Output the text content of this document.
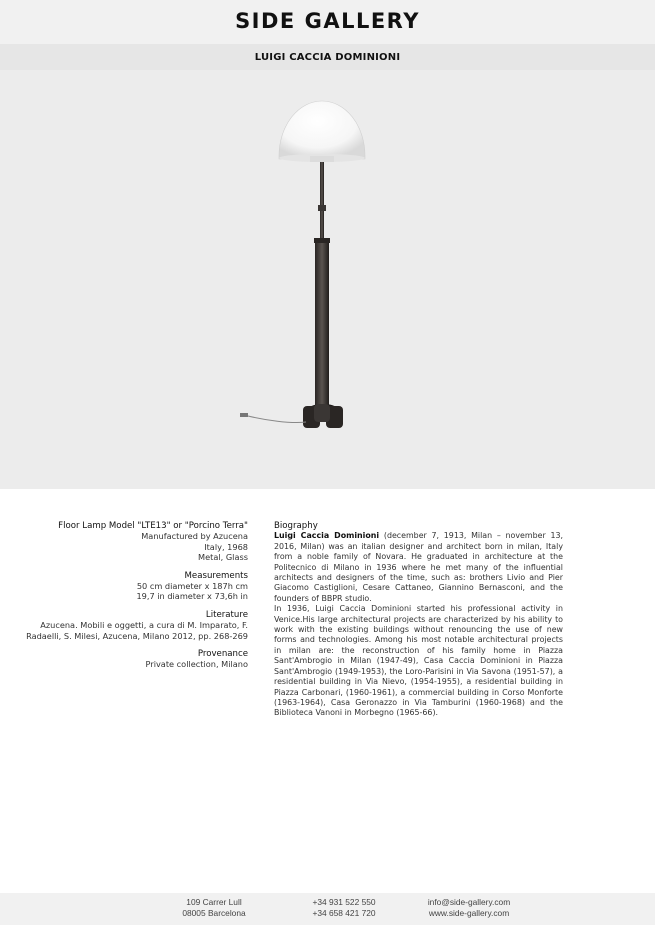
SIDE GALLERY
LUIGI CACCIA DOMINIONI
Floor Lamp Model "LTE13" or "Porcino Terra"
Manufactured by Azucena
Italy, 1968
Metal, Glass
Measurements
50 cm diameter x 187h cm
19,7 in diameter x 73,6h in
Literature
Azucena. Mobili e oggetti, a cura di M. Imparato, F. Radaelli, S. Milesi, Azucena, Milano 2012, pp. 268-269
Provenance
Private collection, Milano
Biography
Luigi Caccia Dominioni (december 7, 1913, Milan – november 13, 2016, Milan) was an italian designer and architect born in milan, Italy from a noble family of Novara. He graduated in architecture at the Politecnico di Milano in 1936 where he met many of the influential architects and designers of the time, such as: brothers Livio and Pier Giacomo Castiglioni, Cesare Cattaneo, Giannino Bernasconi, and the founders of BBPR studio.
In 1936, Luigi Caccia Dominioni started his professional activity in Venice.His large architectural projects are characterized by his ability to work with the existing buildings without renouncing the use of new forms and technologies. Among his most notable architectural projects in milan are: the reconstruction of his family home in Piazza Sant'Ambrogio in Milan (1947-49), Casa Caccia Dominioni in Piazza Sant'Ambrogio (1949-1953), the Loro-Parisini in Via Savona (1951-57), a residential building in Via Nievo, (1954-1955), a residential building in Piazza Carbonari, (1960-1961), a commercial building in Corso Monforte (1963-1964), Casa Geronazzo in Via Tamburini (1960-1968) and the Biblioteca Vanoni in Morbegno (1965-66).
109 Carrer Lull
08005 Barcelona
+34 931 522 550
+34 658 421 720
info@side-gallery.com
www.side-gallery.com
